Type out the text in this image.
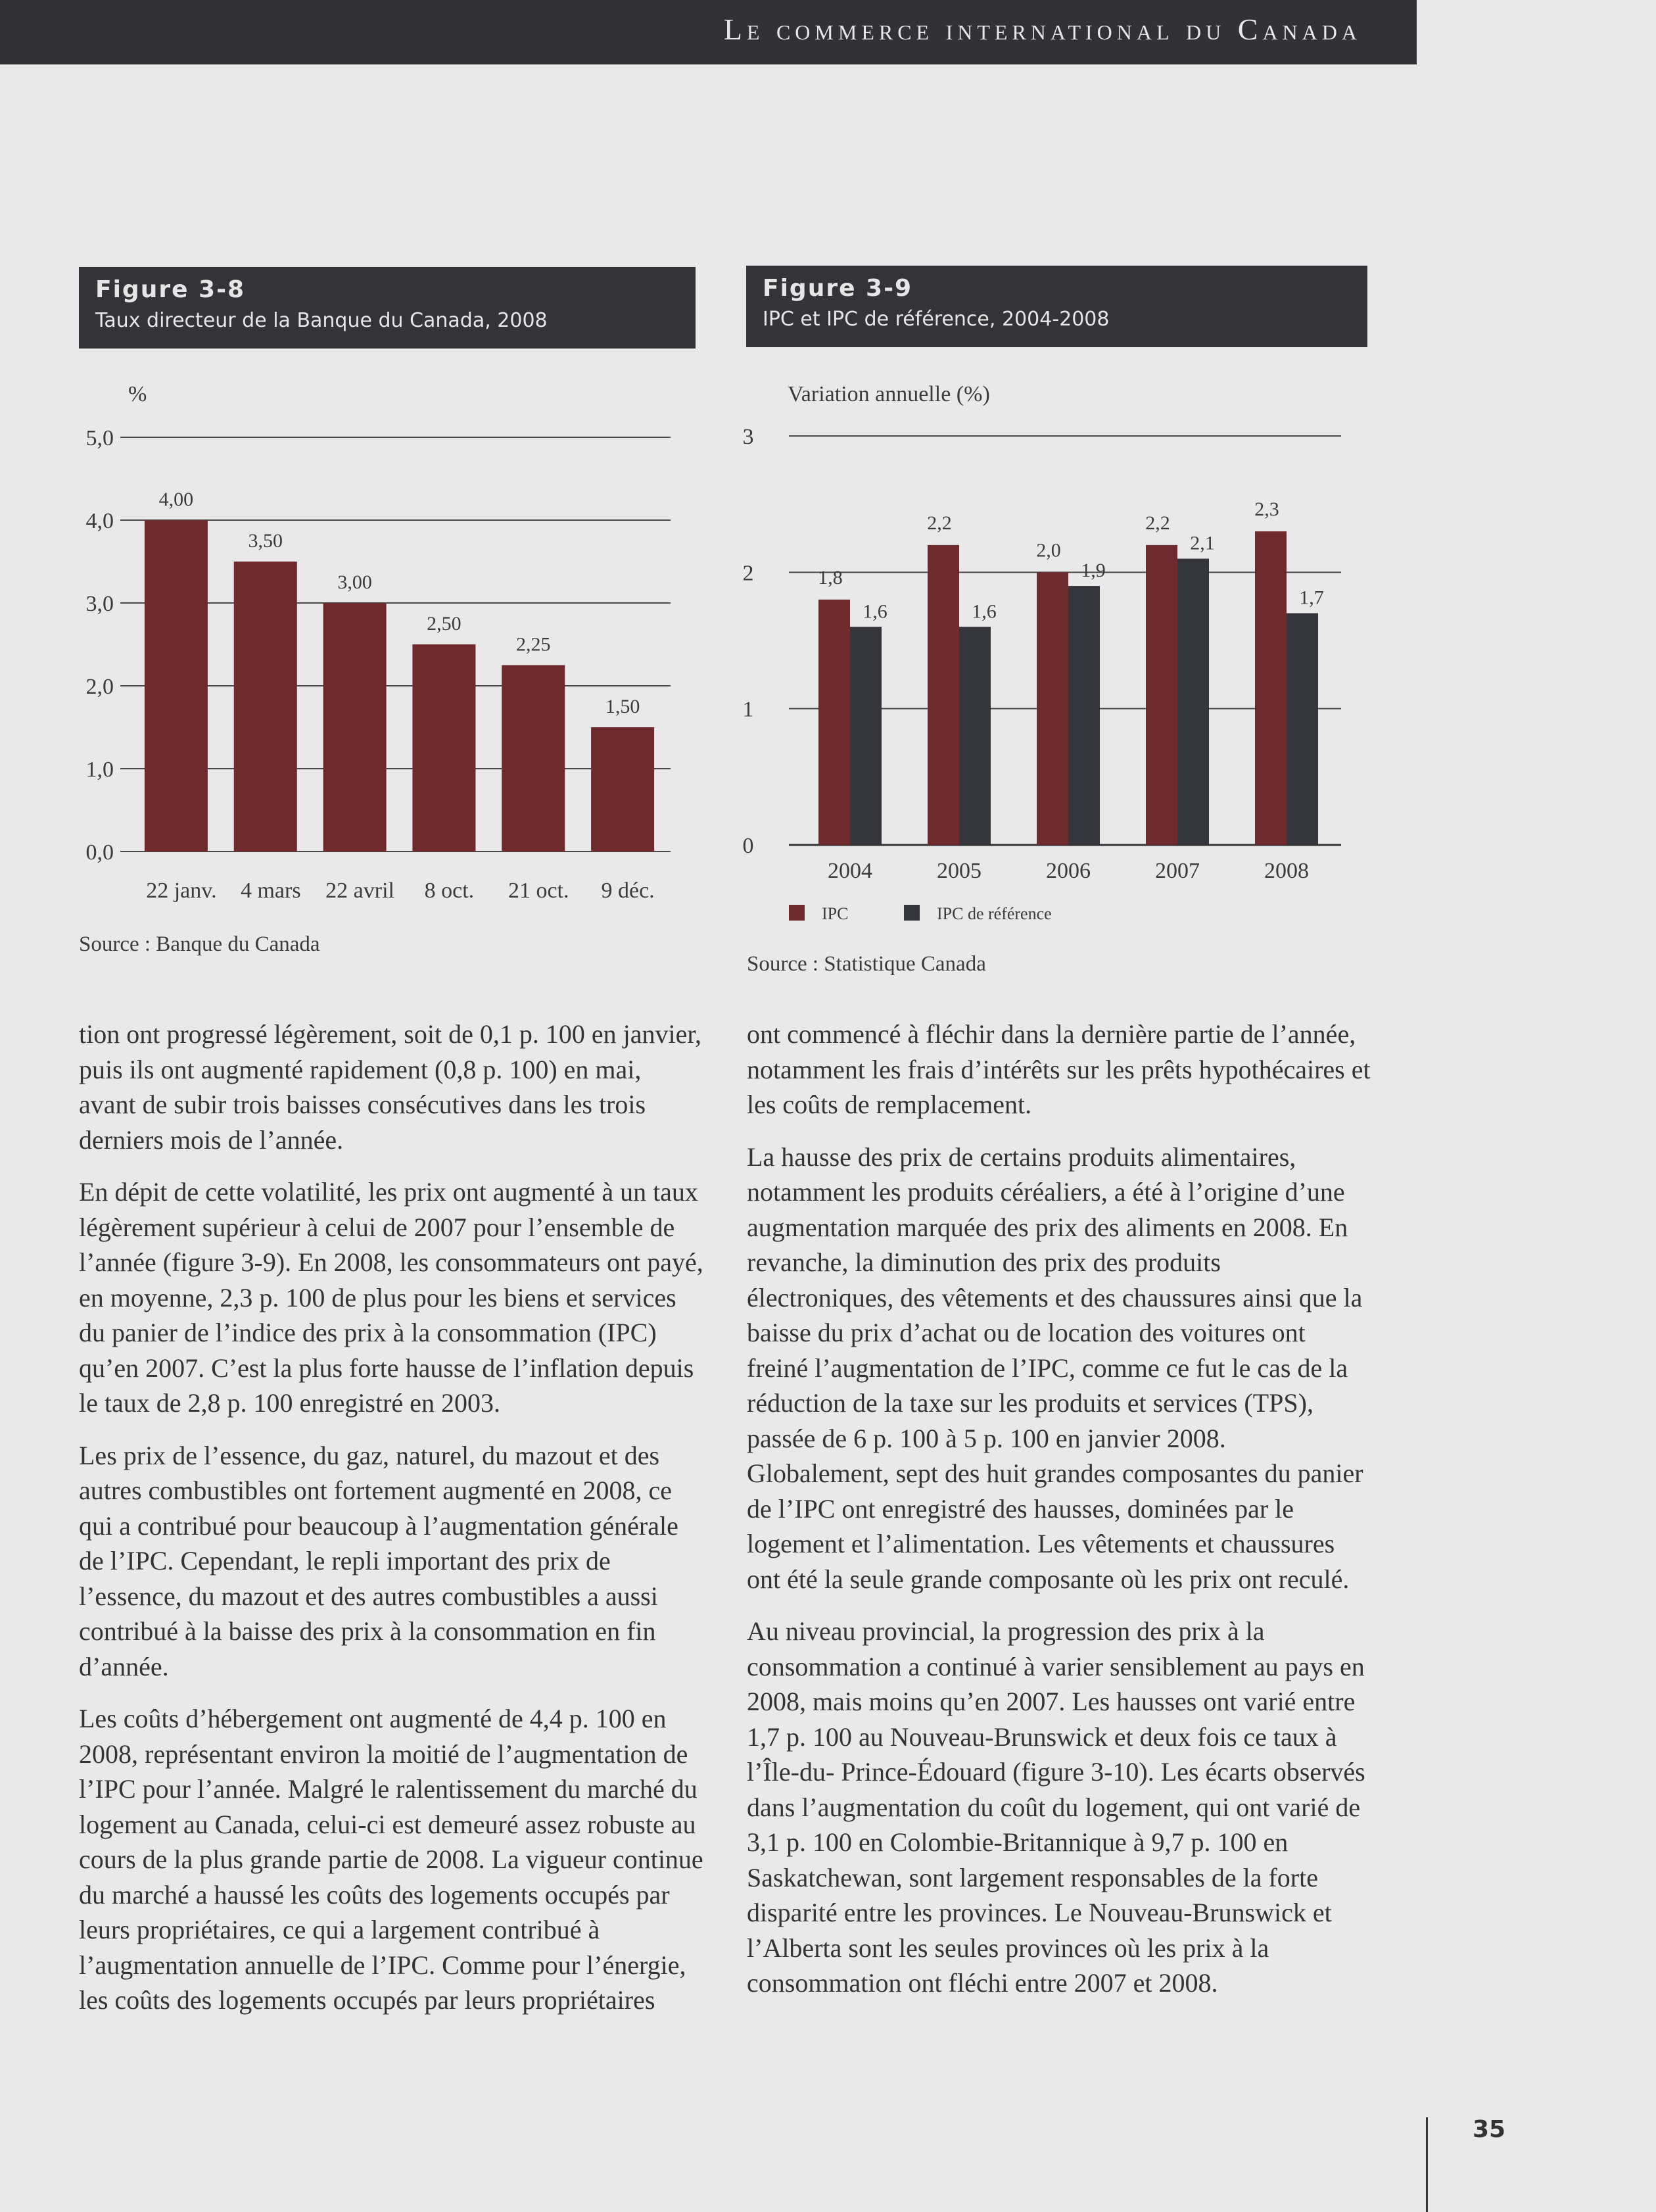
Le commerce international du Canada
Figure 3-8
Taux directeur de la Banque du Canada, 2008
Figure 3-9
IPC et IPC de référence, 2004-2008
%
0,0
1,0
2,0
3,0
4,0
5,0
4,00
22 janv.
3,50
4 mars
3,00
22 avril
2,50
8 oct.
2,25
21 oct.
1,50
9 déc.
Variation annuelle (%)
0
1
2
3
1,8
1,6
2004
2,2
1,6
2005
2,0
1,9
2006
2,2
2,1
2007
2,3
1,7
2008
IPC	IPC de référence
Source : Banque du Canada
Source : Statistique Canada

tion ont progressé légèrement, soit de 0,1 p. 100 en janvier, puis ils ont augmenté rapidement (0,8 p. 100) en mai, avant de subir trois baisses consécutives dans les trois derniers mois de l’année.

En dépit de cette volatilité, les prix ont augmenté à un taux légèrement supérieur à celui de 2007 pour l’ensemble de l’année (figure 3-9). En 2008, les consommateurs ont payé, en moyenne, 2,3 p. 100 de plus pour les biens et services du panier de l’indice des prix à la consommation (IPC) qu’en 2007. C’est la plus forte hausse de l’inflation depuis le taux de 2,8 p. 100 enregistré en 2003.

Les prix de l’essence, du gaz, naturel, du mazout et des autres combustibles ont fortement augmenté en 2008, ce qui a contribué pour beaucoup à l’augmentation générale de l’IPC. Cependant, le repli important des prix de l’essence, du mazout et des autres combustibles a aussi contribué à la baisse des prix à la consommation en fin d’année.

Les coûts d’hébergement ont augmenté de 4,4 p. 100 en 2008, représentant environ la moitié de l’augmentation de l’IPC pour l’année. Malgré le ralentissement du marché du logement au Canada, celui-ci est demeuré assez robuste au cours de la plus grande partie de 2008. La vigueur continue du marché a haussé les coûts des logements occupés par leurs propriétaires, ce qui a largement contribué à l’augmentation annuelle de l’IPC. Comme pour l’énergie, les coûts des logements occupés par leurs propriétaires

ont commencé à fléchir dans la dernière partie de l’année, notamment les frais d’intérêts sur les prêts hypothécaires et les coûts de remplacement.

La hausse des prix de certains produits alimentaires, notamment les produits céréaliers, a été à l’origine d’une augmentation marquée des prix des aliments en 2008. En revanche, la diminution des prix des produits électroniques, des vêtements et des chaussures ainsi que la baisse du prix d’achat ou de location des voitures ont freiné l’augmentation de l’IPC, comme ce fut le cas de la réduction de la taxe sur les produits et services (TPS), passée de 6 p. 100 à 5 p. 100 en janvier 2008. Globalement, sept des huit grandes composantes du panier de l’IPC ont enregistré des hausses, dominées par le logement et l’alimentation. Les vêtements et chaussures ont été la seule grande composante où les prix ont reculé.

Au niveau provincial, la progression des prix à la consommation a continué à varier sensiblement au pays en 2008, mais moins qu’en 2007. Les hausses ont varié entre 1,7 p. 100 au Nouveau-Brunswick et deux fois ce taux à l’Île-du- Prince-Édouard (figure 3-10). Les écarts observés dans l’augmentation du coût du logement, qui ont varié de 3,1 p. 100 en Colombie-Britannique à 9,7 p. 100 en Saskatchewan, sont largement responsables de la forte disparité entre les provinces. Le Nouveau-Brunswick et l’Alberta sont les seules provinces où les prix à la consommation ont fléchi entre 2007 et 2008.

35
